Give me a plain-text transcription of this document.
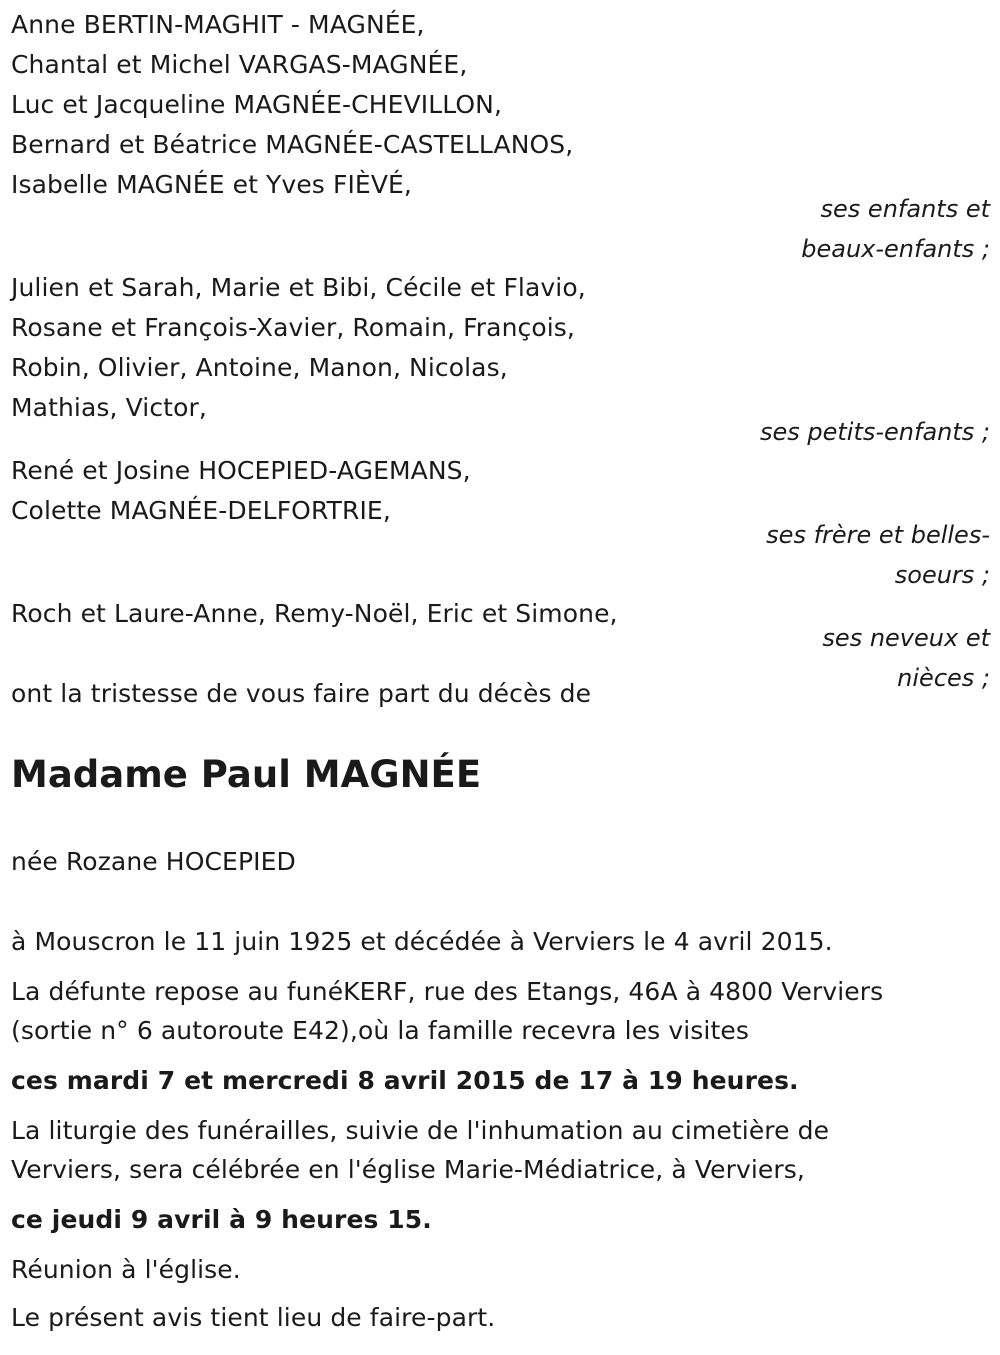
Anne BERTIN-MAGHIT - MAGNÉE,
Chantal et Michel VARGAS-MAGNÉE,
Luc et Jacqueline MAGNÉE-CHEVILLON,
Bernard et Béatrice MAGNÉE-CASTELLANOS,
Isabelle MAGNÉE et Yves FIÈVÉ,
ses enfants et
beaux-enfants ;
Julien et Sarah, Marie et Bibi, Cécile et Flavio,
Rosane et François-Xavier, Romain, François,
Robin, Olivier, Antoine, Manon, Nicolas,
Mathias, Victor,
ses petits-enfants ;
René et Josine HOCEPIED-AGEMANS,
Colette MAGNÉE-DELFORTRIE,
ses frère et belles-
soeurs ;
Roch et Laure-Anne, Remy-Noël, Eric et Simone,
ses neveux et
nièces ;
ont la tristesse de vous faire part du décès de
Madame Paul MAGNÉE
née Rozane HOCEPIED
à Mouscron le 11 juin 1925 et décédée à Verviers le 4 avril 2015.
La défunte repose au funéKERF, rue des Etangs, 46A à 4800 Verviers
(sortie n° 6 autoroute E42),où la famille recevra les visites
ces mardi 7 et mercredi 8 avril 2015 de 17 à 19 heures.
La liturgie des funérailles, suivie de l'inhumation au cimetière de
Verviers, sera célébrée en l'église Marie-Médiatrice, à Verviers,
ce jeudi 9 avril à 9 heures 15.
Réunion à l'église.
Le présent avis tient lieu de faire-part.
